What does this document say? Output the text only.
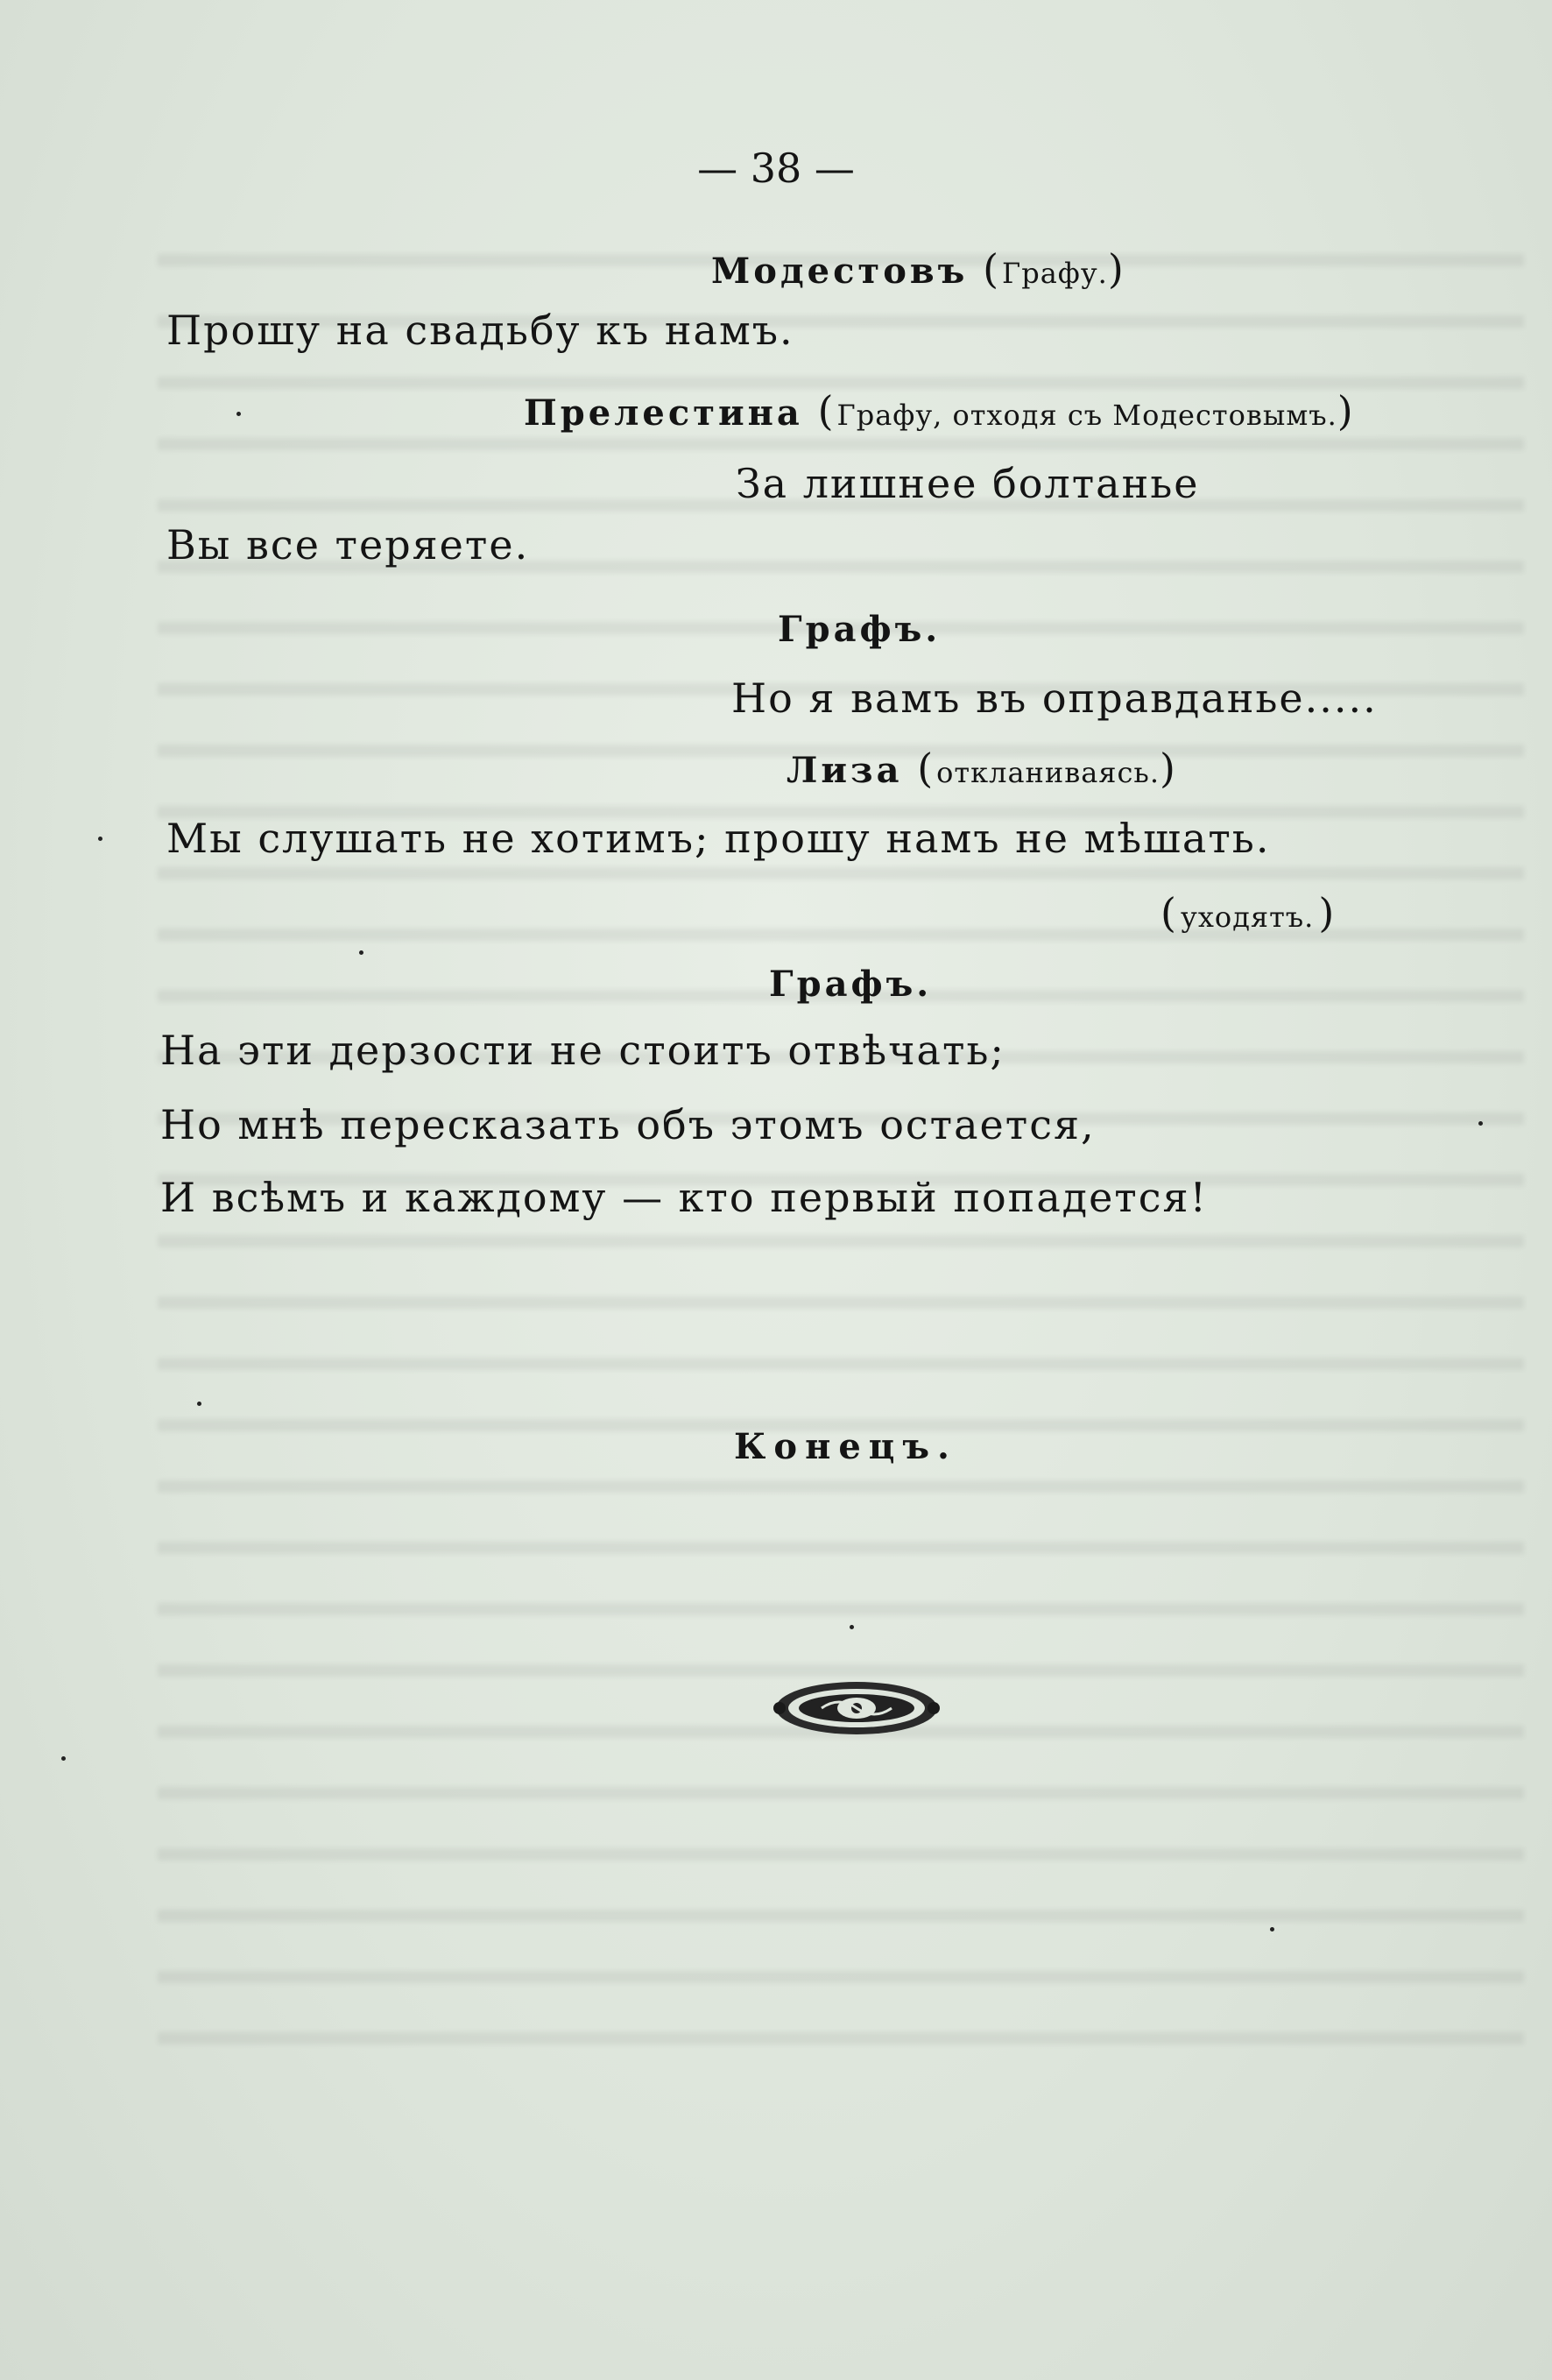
— 38 —
Модестовъ (Графу.)
Прошу на свадьбу къ намъ.
Прелестина (Графу, отходя съ Модестовымъ.)
За лишнее болтанье
Вы все теряете.
Графъ.
Но я вамъ въ оправданье.....
Лиза (откланиваясь.)
Мы слушать не хотимъ; прошу намъ не мѣшать.
( уходятъ. )
Графъ.
На эти дерзости не стоитъ отвѣчать;
Но мнѣ пересказать объ этомъ остается,
И всѣмъ и каждому — кто первый попадется!
Конецъ.
